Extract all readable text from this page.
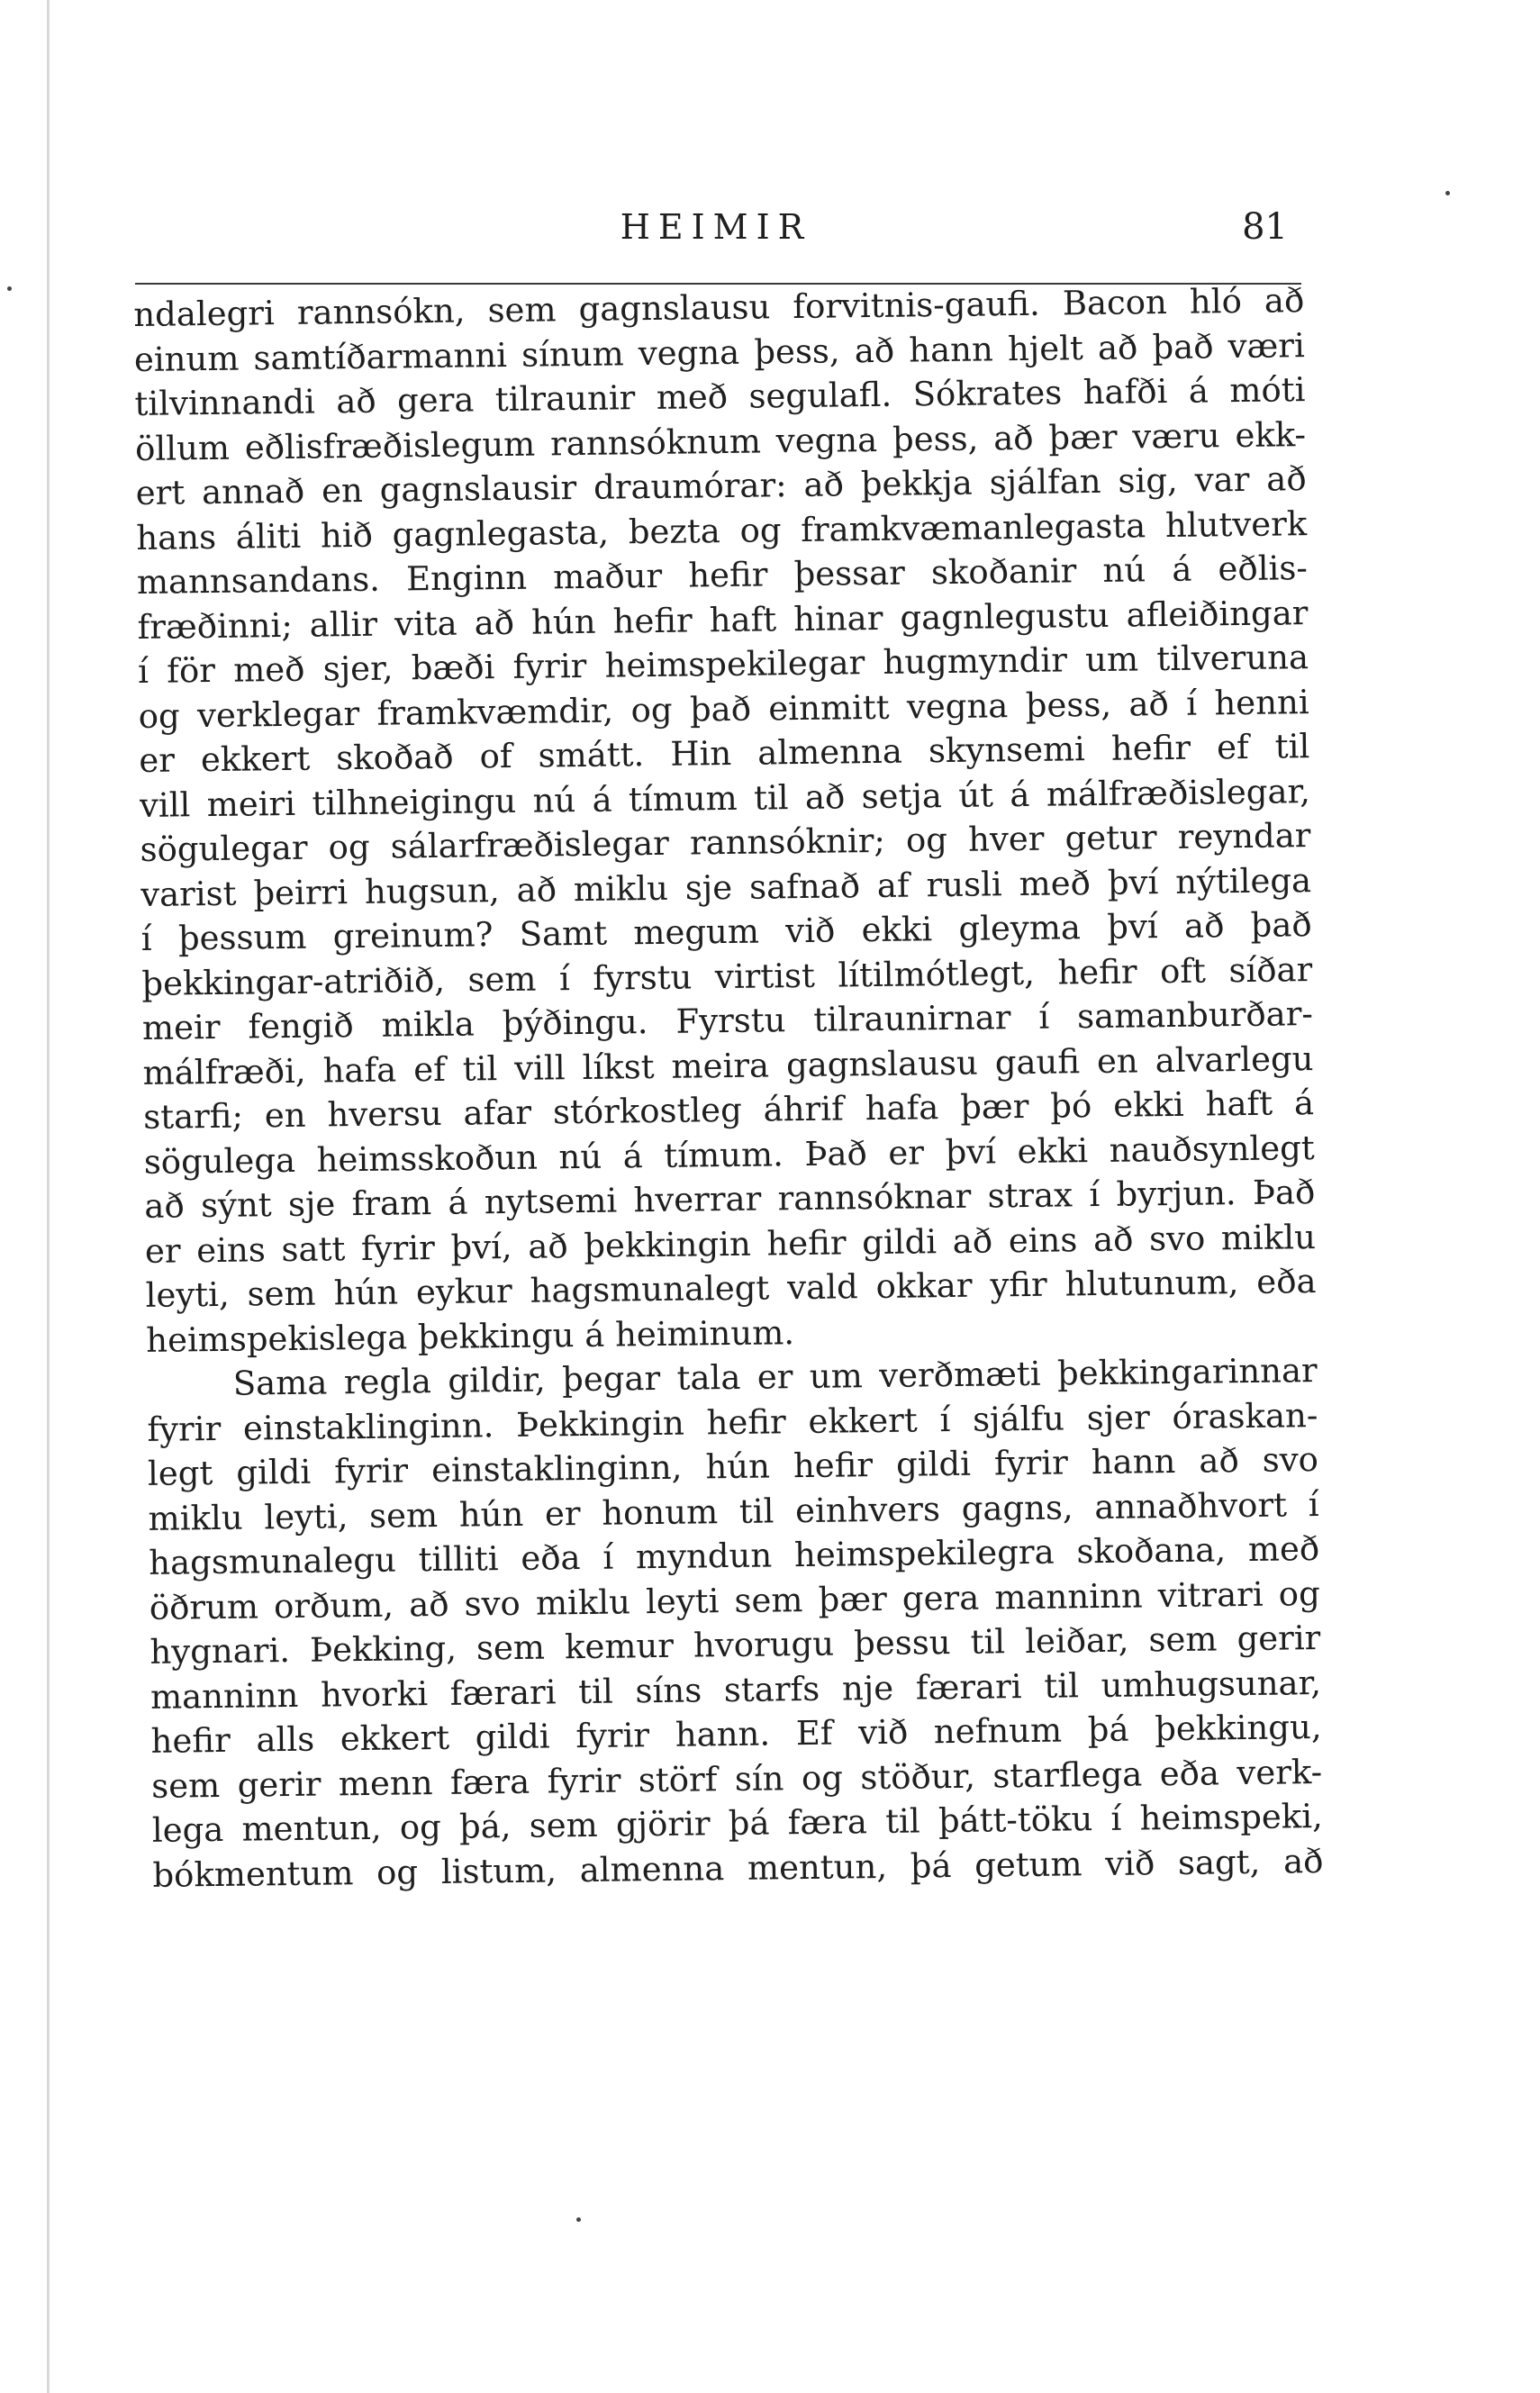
HEIMIR	81
ndalegri rannsókn, sem gagnslausu forvitnis-gaufi. Bacon hló að
einum samtíðarmanni sínum vegna þess, að hann hjelt að það væri
tilvinnandi að gera tilraunir með segulafl. Sókrates hafði á móti
öllum eðlisfræðislegum rannsóknum vegna þess, að þær væru ekk-
ert annað en gagnslausir draumórar: að þekkja sjálfan sig, var að
hans áliti hið gagnlegasta, bezta og framkvæmanlegasta hlutverk
mannsandans. Enginn maður hefir þessar skoðanir nú á eðlis-
fræðinni; allir vita að hún hefir haft hinar gagnlegustu afleiðingar
í för með sjer, bæði fyrir heimspekilegar hugmyndir um tilveruna
og verklegar framkvæmdir, og það einmitt vegna þess, að í henni
er ekkert skoðað of smátt. Hin almenna skynsemi hefir ef til
vill meiri tilhneigingu nú á tímum til að setja út á málfræðislegar,
sögulegar og sálarfræðislegar rannsóknir; og hver getur reyndar
varist þeirri hugsun, að miklu sje safnað af rusli með því nýtilega
í þessum greinum? Samt megum við ekki gleyma því að það
þekkingar-atriðið, sem í fyrstu virtist lítilmótlegt, hefir oft síðar
meir fengið mikla þýðingu. Fyrstu tilraunirnar í samanburðar-
málfræði, hafa ef til vill líkst meira gagnslausu gaufi en alvarlegu
starfi; en hversu afar stórkostleg áhrif hafa þær þó ekki haft á
sögulega heimsskoðun nú á tímum. Það er því ekki nauðsynlegt
að sýnt sje fram á nytsemi hverrar rannsóknar strax í byrjun. Það
er eins satt fyrir því, að þekkingin hefir gildi að eins að svo miklu
leyti, sem hún eykur hagsmunalegt vald okkar yfir hlutunum, eða
heimspekislega þekkingu á heiminum.
Sama regla gildir, þegar tala er um verðmæti þekkingarinnar
fyrir einstaklinginn. Þekkingin hefir ekkert í sjálfu sjer óraskan-
legt gildi fyrir einstaklinginn, hún hefir gildi fyrir hann að svo
miklu leyti, sem hún er honum til einhvers gagns, annaðhvort í
hagsmunalegu tilliti eða í myndun heimspekilegra skoðana, með
öðrum orðum, að svo miklu leyti sem þær gera manninn vitrari og
hygnari. Þekking, sem kemur hvorugu þessu til leiðar, sem gerir
manninn hvorki færari til síns starfs nje færari til umhugsunar,
hefir alls ekkert gildi fyrir hann. Ef við nefnum þá þekkingu,
sem gerir menn færa fyrir störf sín og stöður, starflega eða verk-
lega mentun, og þá, sem gjörir þá færa til þátt-töku í heimspeki,
bókmentum og listum, almenna mentun, þá getum við sagt, að
